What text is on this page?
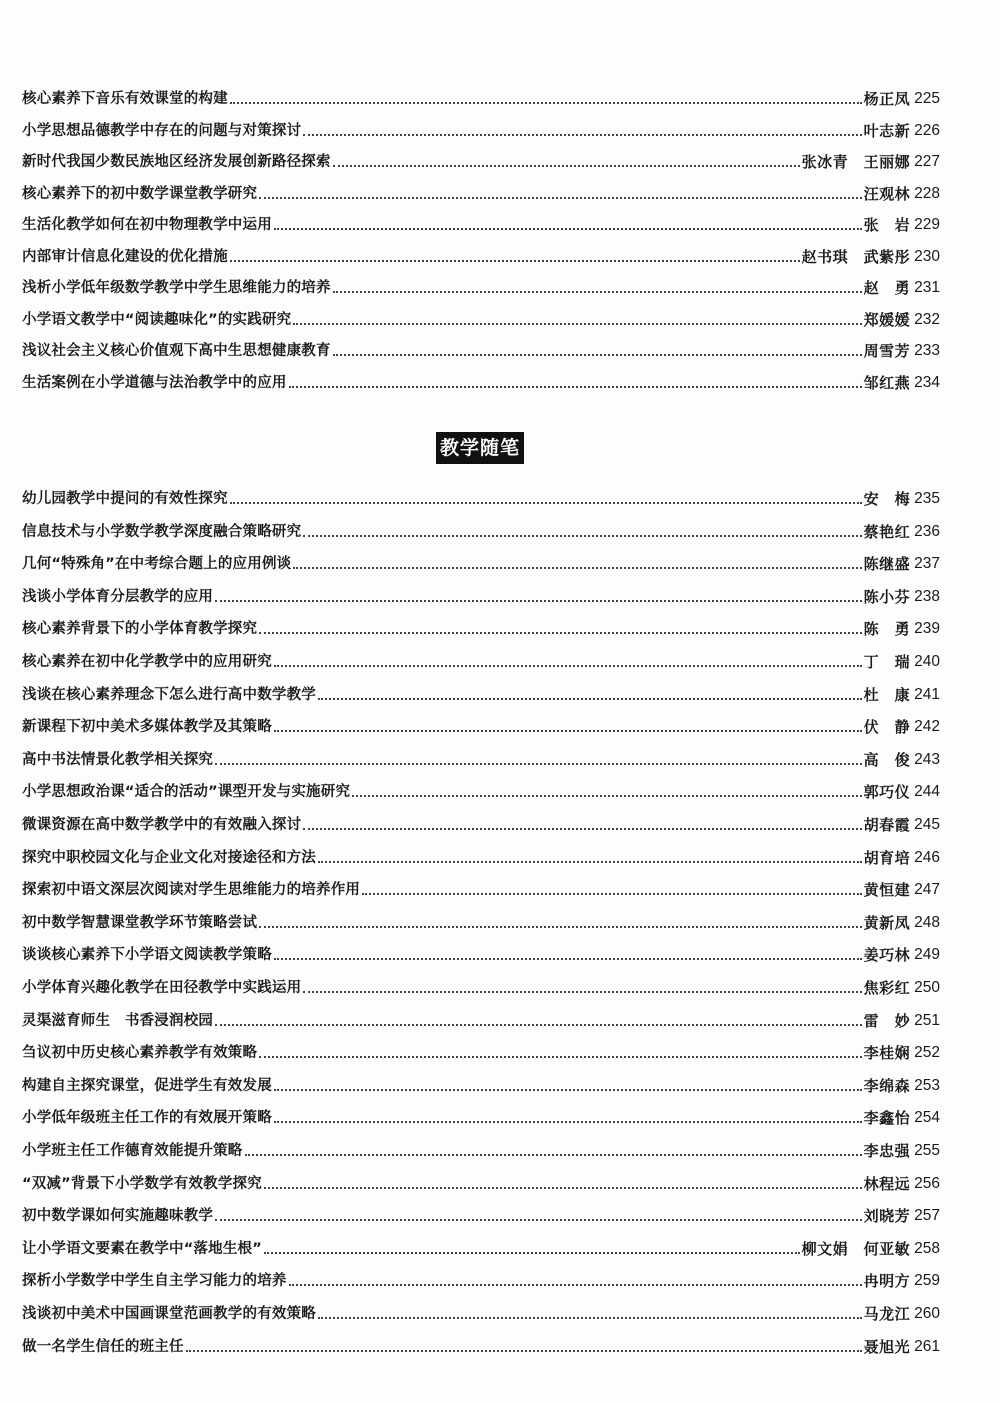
核心素养下音乐有效课堂的构建	杨正凤 225
小学思想品德教学中存在的问题与对策探讨	叶志新 226
新时代我国少数民族地区经济发展创新路径探索	张冰青　王丽娜 227
核心素养下的初中数学课堂教学研究	汪观林 228
生活化教学如何在初中物理教学中运用	张　岩 229
内部审计信息化建设的优化措施	赵书琪　武紫彤 230
浅析小学低年级数学教学中学生思维能力的培养	赵　勇 231
小学语文教学中“阅读趣味化”的实践研究	郑媛媛 232
浅议社会主义核心价值观下高中生思想健康教育	周雪芳 233
生活案例在小学道德与法治教学中的应用	邹红燕 234
教学随笔
幼儿园教学中提问的有效性探究	安　梅 235
信息技术与小学数学教学深度融合策略研究	蔡艳红 236
几何“特殊角”在中考综合题上的应用例谈	陈继盛 237
浅谈小学体育分层教学的应用	陈小芬 238
核心素养背景下的小学体育教学探究	陈　勇 239
核心素养在初中化学教学中的应用研究	丁　瑞 240
浅谈在核心素养理念下怎么进行高中数学教学	杜　康 241
新课程下初中美术多媒体教学及其策略	伏　静 242
高中书法情景化教学相关探究	高　俊 243
小学思想政治课“适合的活动”课型开发与实施研究	郭巧仪 244
微课资源在高中数学教学中的有效融入探讨	胡春霞 245
探究中职校园文化与企业文化对接途径和方法	胡育培 246
探索初中语文深层次阅读对学生思维能力的培养作用	黄恒建 247
初中数学智慧课堂教学环节策略尝试	黄新凤 248
谈谈核心素养下小学语文阅读教学策略	姜巧林 249
小学体育兴趣化教学在田径教学中实践运用	焦彩红 250
灵渠滋育师生　书香浸润校园	雷　妙 251
刍议初中历史核心素养教学有效策略	李桂娴 252
构建自主探究课堂，促进学生有效发展	李绵森 253
小学低年级班主任工作的有效展开策略	李鑫怡 254
小学班主任工作德育效能提升策略	李忠强 255
“双减”背景下小学数学有效教学探究	林程远 256
初中数学课如何实施趣味教学	刘晓芳 257
让小学语文要素在教学中“落地生根”	柳文娟　何亚敏 258
探析小学数学中学生自主学习能力的培养	冉明方 259
浅谈初中美术中国画课堂范画教学的有效策略	马龙江 260
做一名学生信任的班主任	聂旭光 261
